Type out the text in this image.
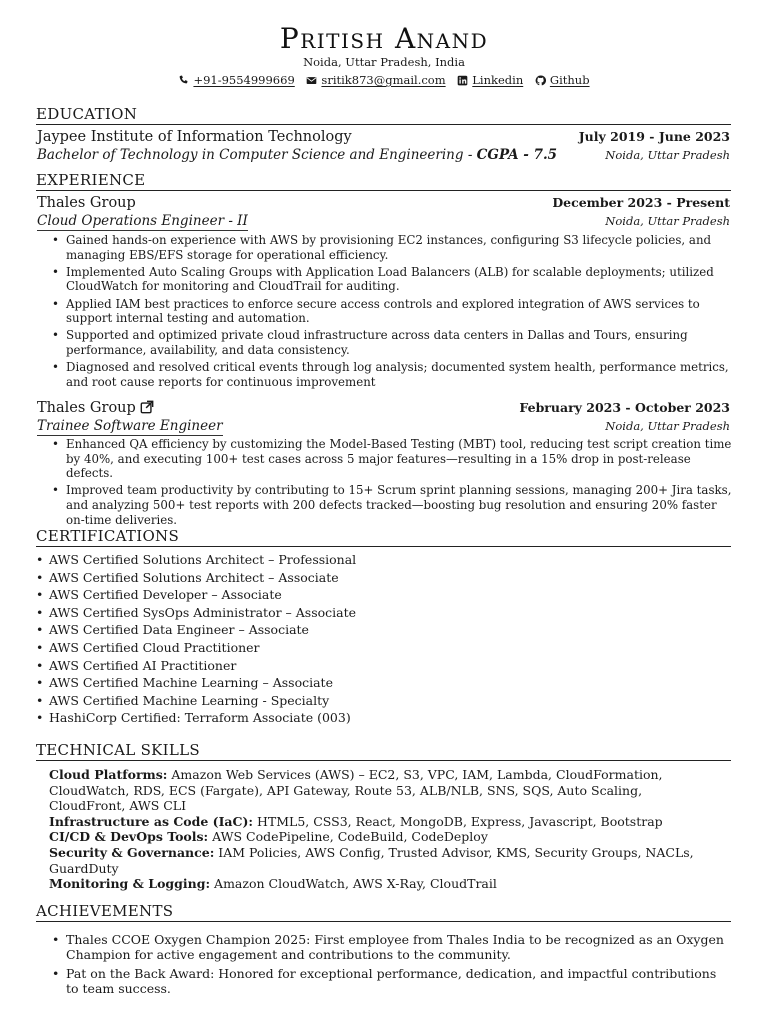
Pritish Anand
Noida, Uttar Pradesh, India
+91-9554999669
sritik873@gmail.com
Linkedin
Github
EDUCATION
Jaypee Institute of Information Technology	July 2019 - June 2023
Bachelor of Technology in Computer Science and Engineering - CGPA - 7.5	Noida, Uttar Pradesh
EXPERIENCE
Thales Group	December 2023 - Present
Cloud Operations Engineer - II	Noida, Uttar Pradesh
• Gained hands-on experience with AWS by provisioning EC2 instances, configuring S3 lifecycle policies, and managing EBS/EFS storage for operational efficiency.
• Implemented Auto Scaling Groups with Application Load Balancers (ALB) for scalable deployments; utilized CloudWatch for monitoring and CloudTrail for auditing.
• Applied IAM best practices to enforce secure access controls and explored integration of AWS services to support internal testing and automation.
• Supported and optimized private cloud infrastructure across data centers in Dallas and Tours, ensuring performance, availability, and data consistency.
• Diagnosed and resolved critical events through log analysis; documented system health, performance metrics, and root cause reports for continuous improvement
Thales Group	February 2023 - October 2023
Trainee Software Engineer	Noida, Uttar Pradesh
• Enhanced QA efficiency by customizing the Model-Based Testing (MBT) tool, reducing test script creation time by 40%, and executing 100+ test cases across 5 major features—resulting in a 15% drop in post-release defects.
• Improved team productivity by contributing to 15+ Scrum sprint planning sessions, managing 200+ Jira tasks, and analyzing 500+ test reports with 200 defects tracked—boosting bug resolution and ensuring 20% faster on-time deliveries.
CERTIFICATIONS
• AWS Certified Solutions Architect – Professional
• AWS Certified Solutions Architect – Associate
• AWS Certified Developer – Associate
• AWS Certified SysOps Administrator – Associate
• AWS Certified Data Engineer – Associate
• AWS Certified Cloud Practitioner
• AWS Certified AI Practitioner
• AWS Certified Machine Learning – Associate
• AWS Certified Machine Learning - Specialty
• HashiCorp Certified: Terraform Associate (003)
TECHNICAL SKILLS
Cloud Platforms: Amazon Web Services (AWS) – EC2, S3, VPC, IAM, Lambda, CloudFormation, CloudWatch, RDS, ECS (Fargate), API Gateway, Route 53, ALB/NLB, SNS, SQS, Auto Scaling, CloudFront, AWS CLI
Infrastructure as Code (IaC): HTML5, CSS3, React, MongoDB, Express, Javascript, Bootstrap
CI/CD & DevOps Tools: AWS CodePipeline, CodeBuild, CodeDeploy
Security & Governance: IAM Policies, AWS Config, Trusted Advisor, KMS, Security Groups, NACLs, GuardDuty
Monitoring & Logging: Amazon CloudWatch, AWS X-Ray, CloudTrail
ACHIEVEMENTS
• Thales CCOE Oxygen Champion 2025: First employee from Thales India to be recognized as an Oxygen Champion for active engagement and contributions to the community.
• Pat on the Back Award: Honored for exceptional performance, dedication, and impactful contributions to team success.
